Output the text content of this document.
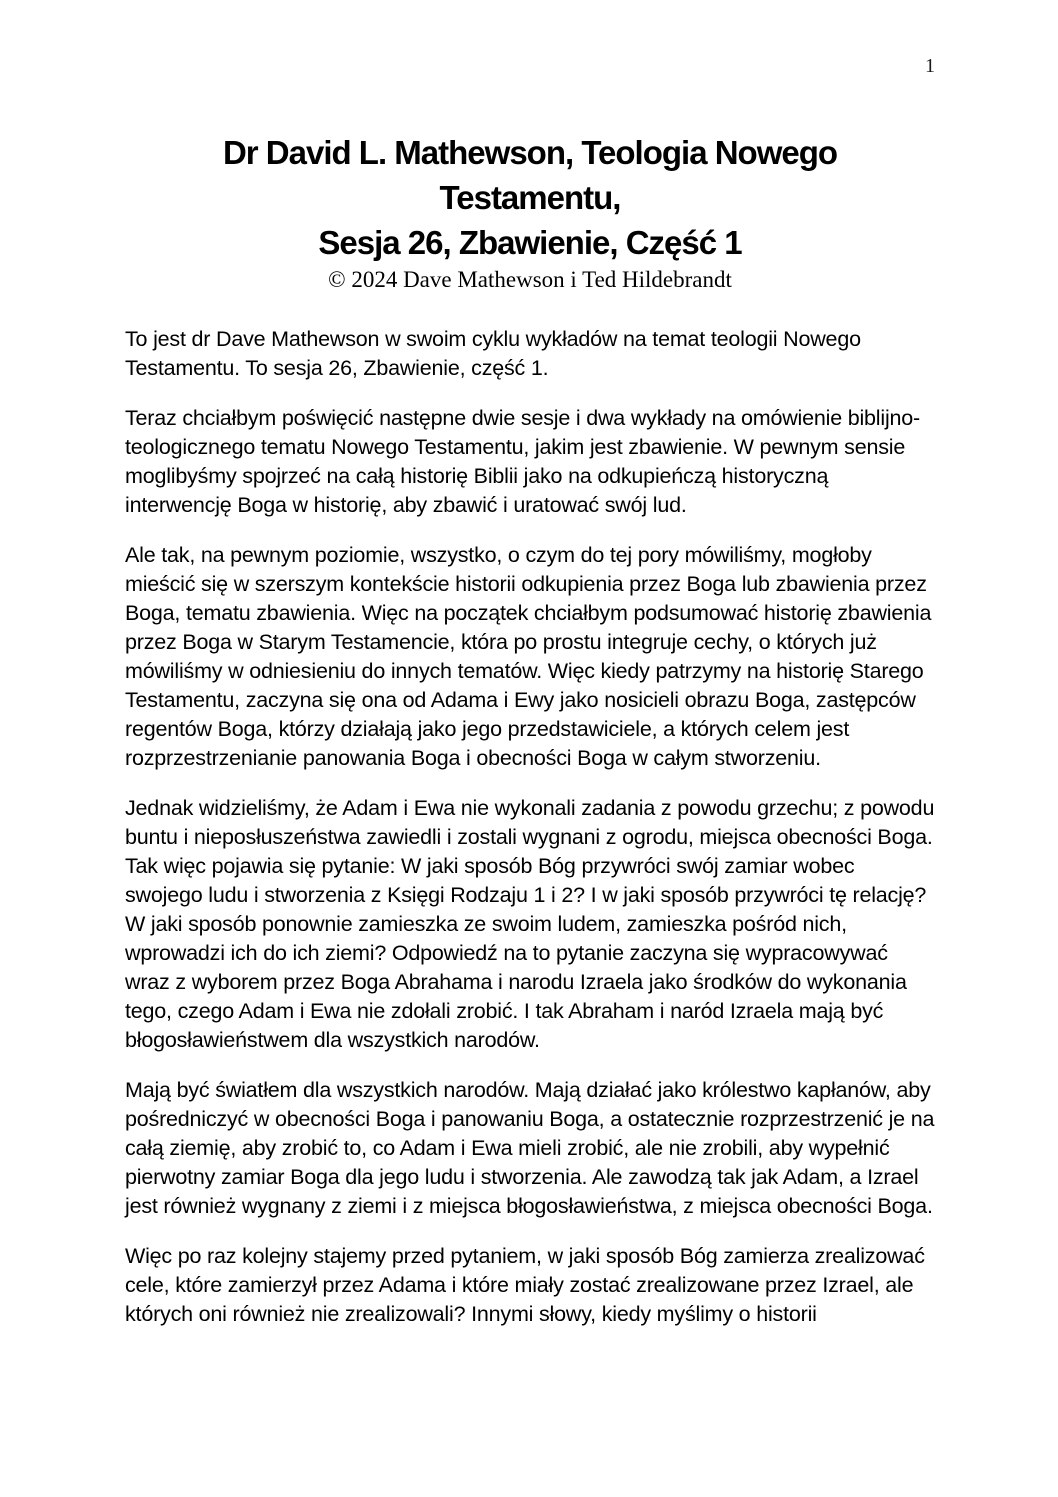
1
Dr David L. Mathewson, Teologia Nowego
Testamentu,
Sesja 26, Zbawienie, Część 1
© 2024 Dave Mathewson i Ted Hildebrandt

To jest dr Dave Mathewson w swoim cyklu wykładów na temat teologii Nowego Testamentu. To sesja 26, Zbawienie, część 1.

Teraz chciałbym poświęcić następne dwie sesje i dwa wykłady na omówienie biblijno-teologicznego tematu Nowego Testamentu, jakim jest zbawienie. W pewnym sensie moglibyśmy spojrzeć na całą historię Biblii jako na odkupieńczą historyczną interwencję Boga w historię, aby zbawić i uratować swój lud.

Ale tak, na pewnym poziomie, wszystko, o czym do tej pory mówiliśmy, mogłoby mieścić się w szerszym kontekście historii odkupienia przez Boga lub zbawienia przez Boga, tematu zbawienia. Więc na początek chciałbym podsumować historię zbawienia przez Boga w Starym Testamencie, która po prostu integruje cechy, o których już mówiliśmy w odniesieniu do innych tematów. Więc kiedy patrzymy na historię Starego Testamentu, zaczyna się ona od Adama i Ewy jako nosicieli obrazu Boga, zastępców regentów Boga, którzy działają jako jego przedstawiciele, a których celem jest rozprzestrzenianie panowania Boga i obecności Boga w całym stworzeniu.

Jednak widzieliśmy, że Adam i Ewa nie wykonali zadania z powodu grzechu; z powodu buntu i nieposłuszeństwa zawiedli i zostali wygnani z ogrodu, miejsca obecności Boga. Tak więc pojawia się pytanie: W jaki sposób Bóg przywróci swój zamiar wobec swojego ludu i stworzenia z Księgi Rodzaju 1 i 2? I w jaki sposób przywróci tę relację? W jaki sposób ponownie zamieszka ze swoim ludem, zamieszka pośród nich, wprowadzi ich do ich ziemi? Odpowiedź na to pytanie zaczyna się wypracowywać wraz z wyborem przez Boga Abrahama i narodu Izraela jako środków do wykonania tego, czego Adam i Ewa nie zdołali zrobić. I tak Abraham i naród Izraela mają być błogosławieństwem dla wszystkich narodów.

Mają być światłem dla wszystkich narodów. Mają działać jako królestwo kapłanów, aby pośredniczyć w obecności Boga i panowaniu Boga, a ostatecznie rozprzestrzenić je na całą ziemię, aby zrobić to, co Adam i Ewa mieli zrobić, ale nie zrobili, aby wypełnić pierwotny zamiar Boga dla jego ludu i stworzenia. Ale zawodzą tak jak Adam, a Izrael jest również wygnany z ziemi i z miejsca błogosławieństwa, z miejsca obecności Boga.

Więc po raz kolejny stajemy przed pytaniem, w jaki sposób Bóg zamierza zrealizować cele, które zamierzył przez Adama i które miały zostać zrealizowane przez Izrael, ale których oni również nie zrealizowali? Innymi słowy, kiedy myślimy o historii
